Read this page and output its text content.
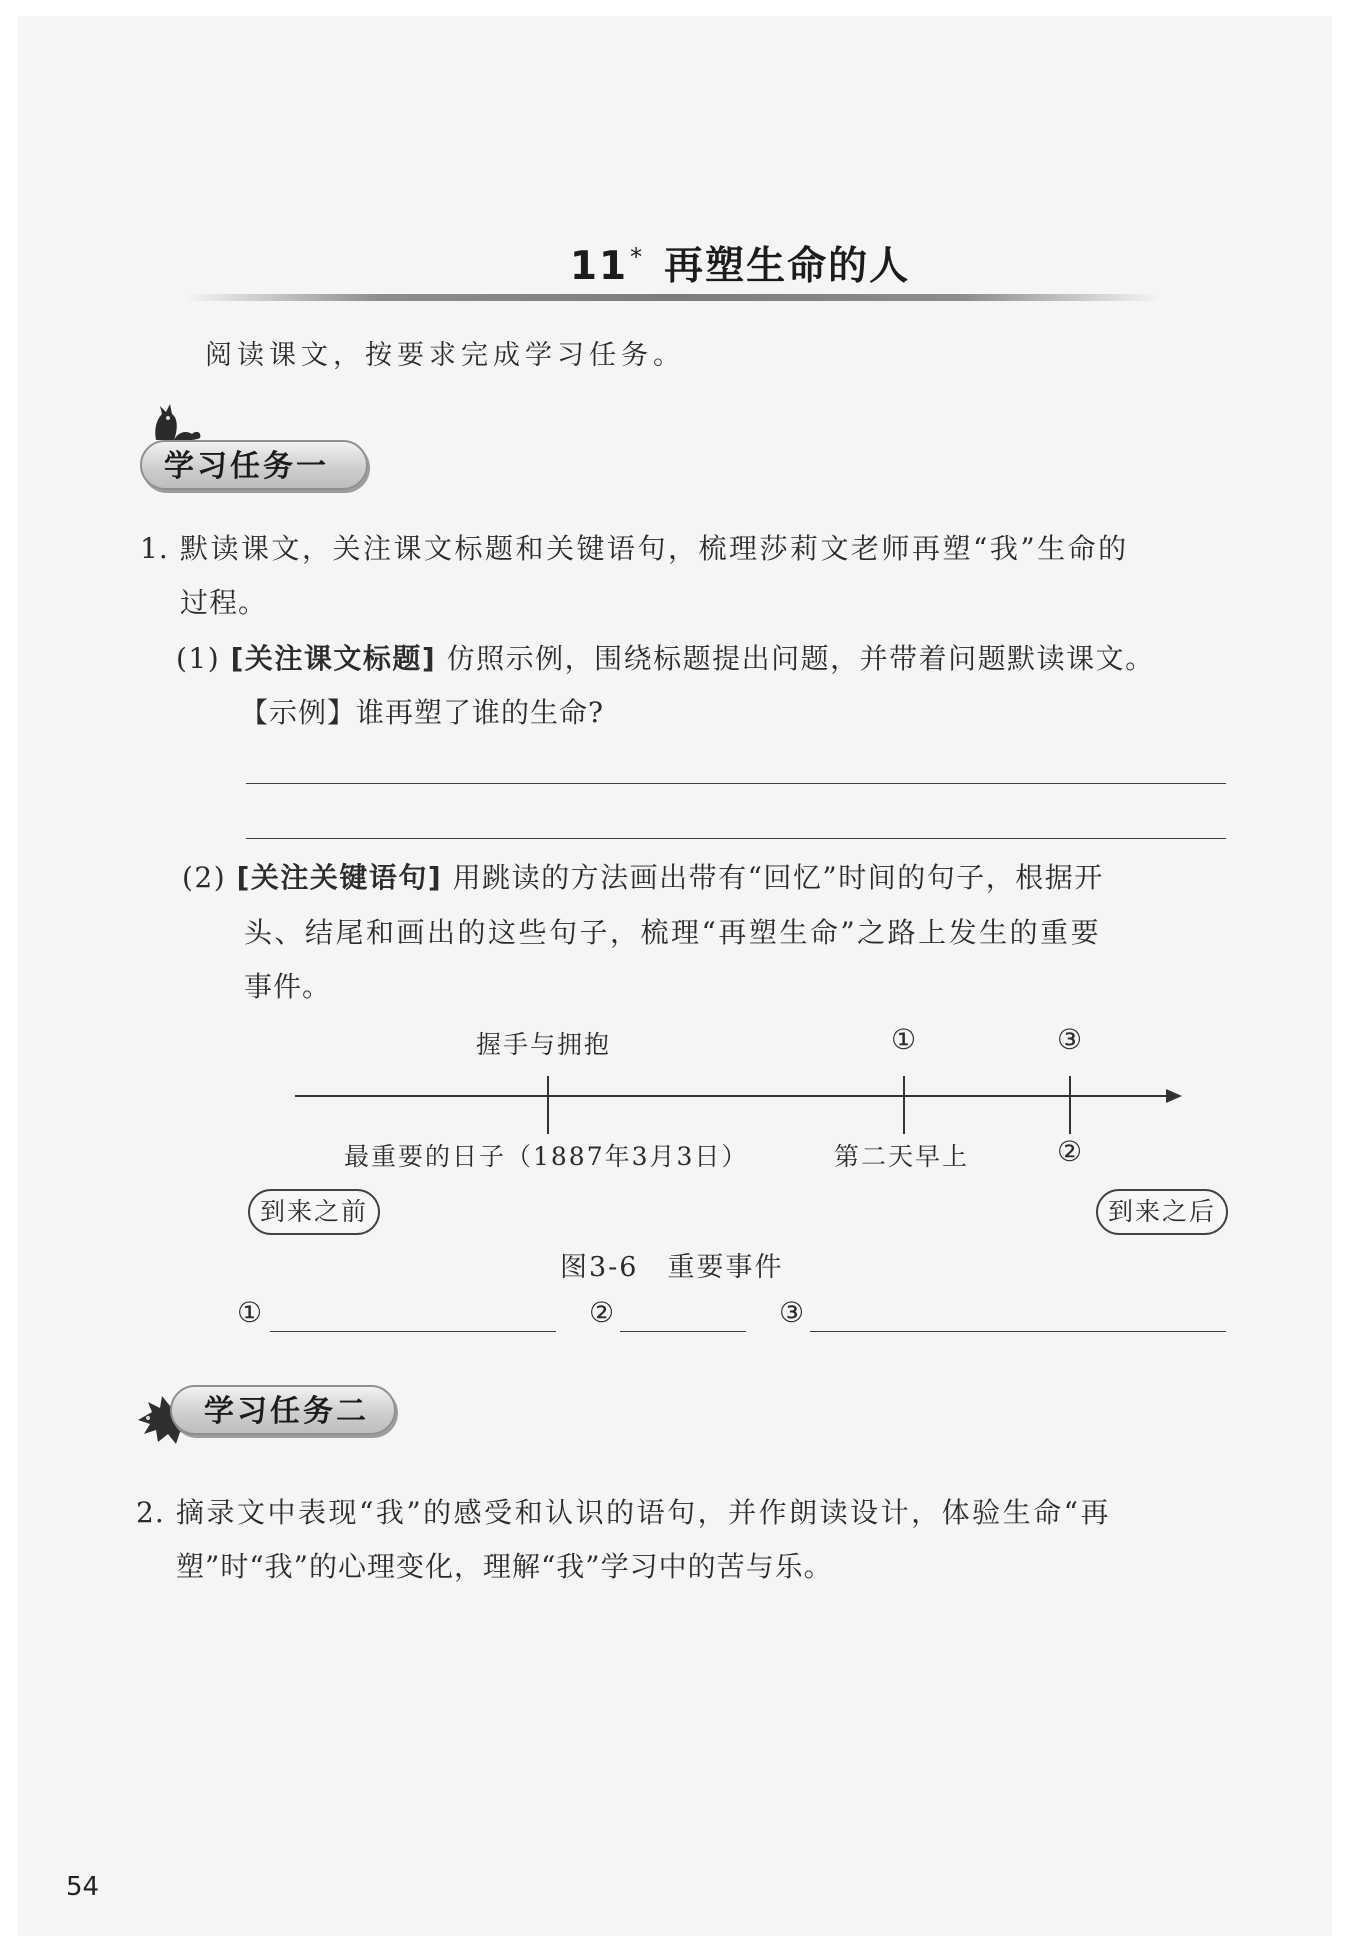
11* 再塑生命的人
阅读课文，按要求完成学习任务。
学习任务一
1. 默读课文，关注课文标题和关键语句，梳理莎莉文老师再塑“我”生命的
过程。
(1) [关注课文标题] 仿照示例，围绕标题提出问题，并带着问题默读课文。
【示例】谁再塑了谁的生命?
(2) [关注关键语句] 用跳读的方法画出带有“回忆”时间的句子，根据开
头、结尾和画出的这些句子，梳理“再塑生命”之路上发生的重要
事件。
握手与拥抱	①	③
最重要的日子（1887年3月3日）	第二天早上	②
到来之前	到来之后
图3-6　重要事件
①	②	③
学习任务二
2. 摘录文中表现“我”的感受和认识的语句，并作朗读设计，体验生命“再
塑”时“我”的心理变化，理解“我”学习中的苦与乐。
54
